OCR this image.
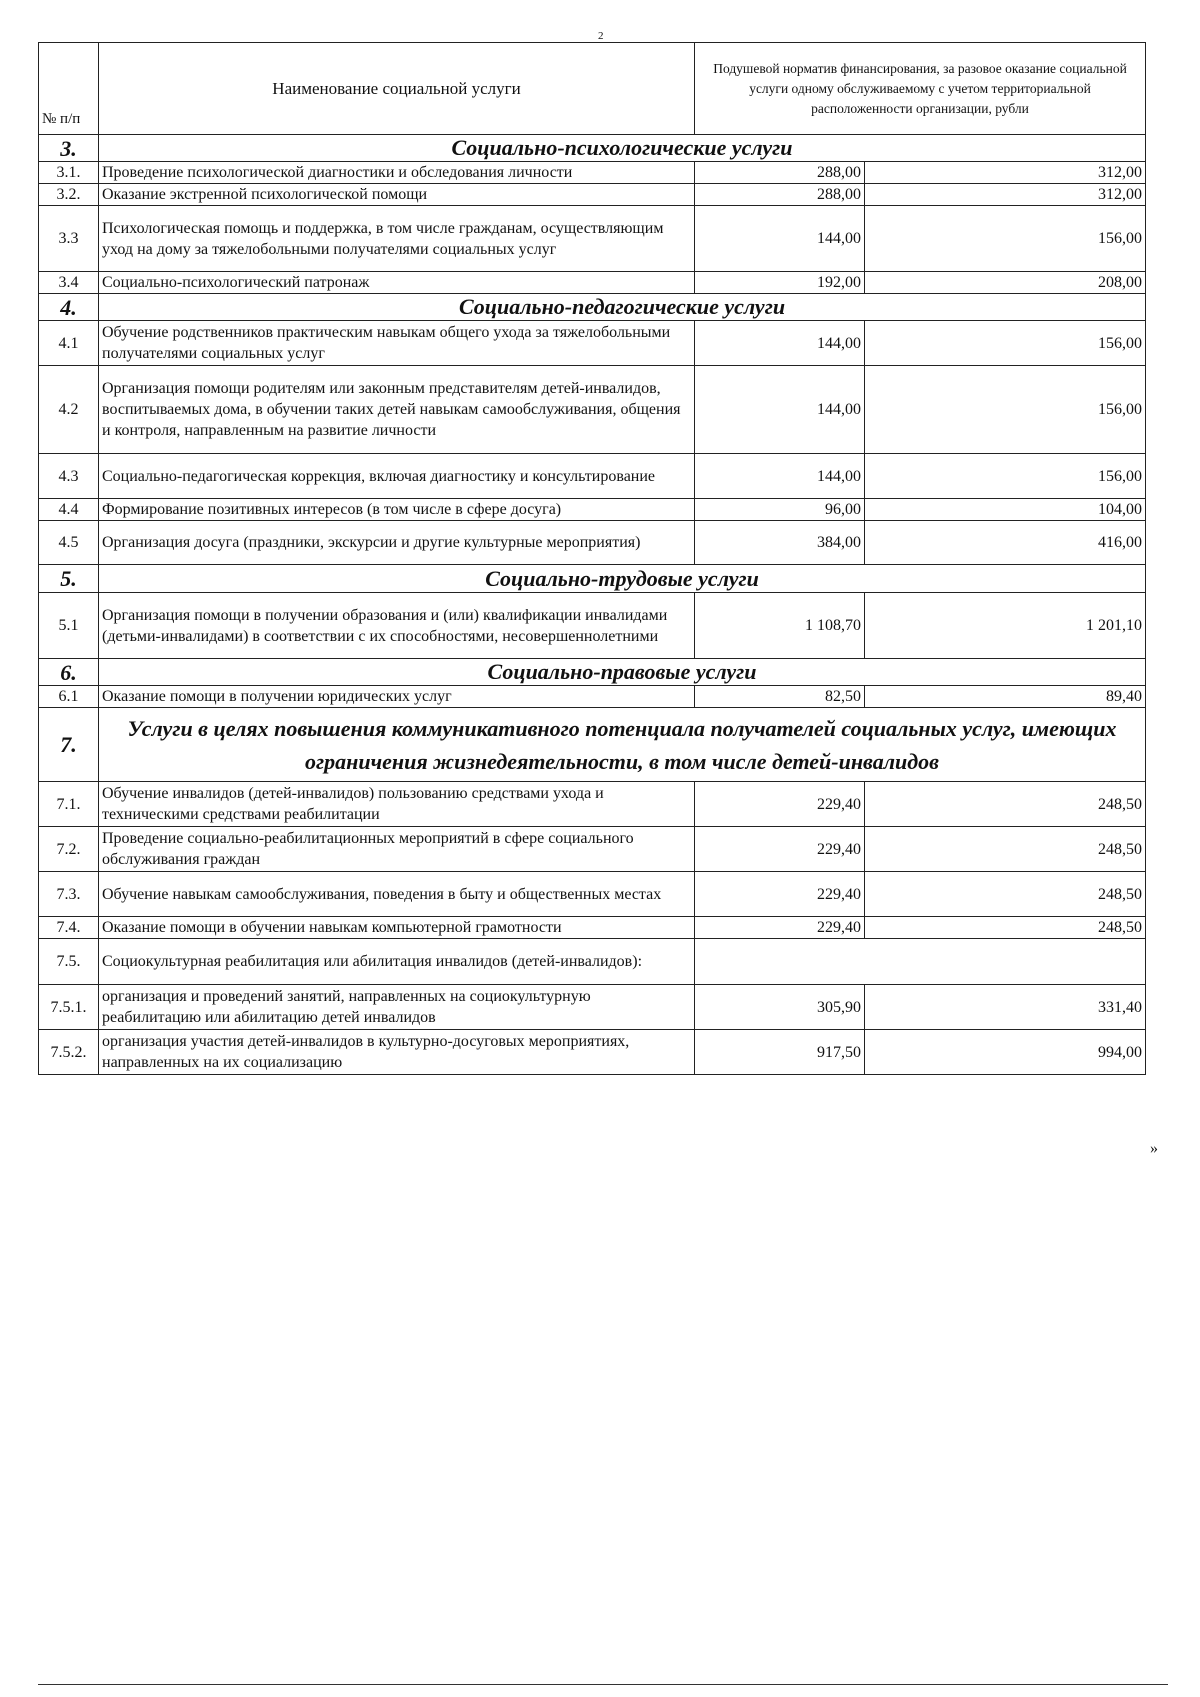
2
№ п/п	Наименование социальной услуги	Подушевой норматив финансирования, за разовое оказание социальной услуги одному обслуживаемому с учетом территориальной расположенности организации, рубли	
3.	Социально-психологические услуги		
3.1.	Проведение психологической диагностики и обследования личности	288,00	312,00
3.2.	Оказание экстренной психологической помощи	288,00	312,00
3.3	Психологическая помощь и поддержка, в том числе гражданам, осуществляющим уход на дому за тяжелобольными получателями социальных услуг	144,00	156,00
3.4	Социально-психологический патронаж	192,00	208,00
4.	Социально-педагогические услуги		
4.1	Обучение родственников практическим навыкам общего ухода за тяжелобольными получателями социальных услуг	144,00	156,00
4.2	Организация помощи родителям или законным представителям детей-инвалидов, воспитываемых дома, в обучении таких детей навыкам самообслуживания, общения и контроля, направленным на развитие личности	144,00	156,00
4.3	Социально-педагогическая коррекция, включая диагностику и консультирование	144,00	156,00
4.4	Формирование позитивных интересов (в том числе в сфере досуга)	96,00	104,00
4.5	Организация досуга (праздники, экскурсии и другие культурные мероприятия)	384,00	416,00
5.	Социально-трудовые услуги		
5.1	Организация помощи в получении образования и (или) квалификации инвалидами (детьми-инвалидами) в соответствии с их способностями, несовершеннолетними	1 108,70	1 201,10
6.	Социально-правовые услуги		
6.1	Оказание помощи в получении юридических услуг	82,50	89,40
7.	Услуги в целях повышения коммуникативного потенциала получателей социальных услуг, имеющих ограничения жизнедеятельности, в том числе детей-инвалидов		
7.1.	Обучение инвалидов (детей-инвалидов) пользованию средствами ухода и техническими средствами реабилитации	229,40	248,50
7.2.	Проведение социально-реабилитационных мероприятий в сфере социального обслуживания граждан	229,40	248,50
7.3.	Обучение навыкам самообслуживания, поведения в быту и общественных местах	229,40	248,50
7.4.	Оказание помощи в обучении навыкам компьютерной грамотности	229,40	248,50
7.5.	Социокультурная реабилитация или абилитация инвалидов (детей-инвалидов):		
7.5.1.	организация и проведений занятий, направленных на социокультурную реабилитацию или абилитацию детей инвалидов	305,90	331,40
7.5.2.	организация участия детей-инвалидов в культурно-досуговых мероприятиях, направленных на их социализацию	917,50	994,00
»
